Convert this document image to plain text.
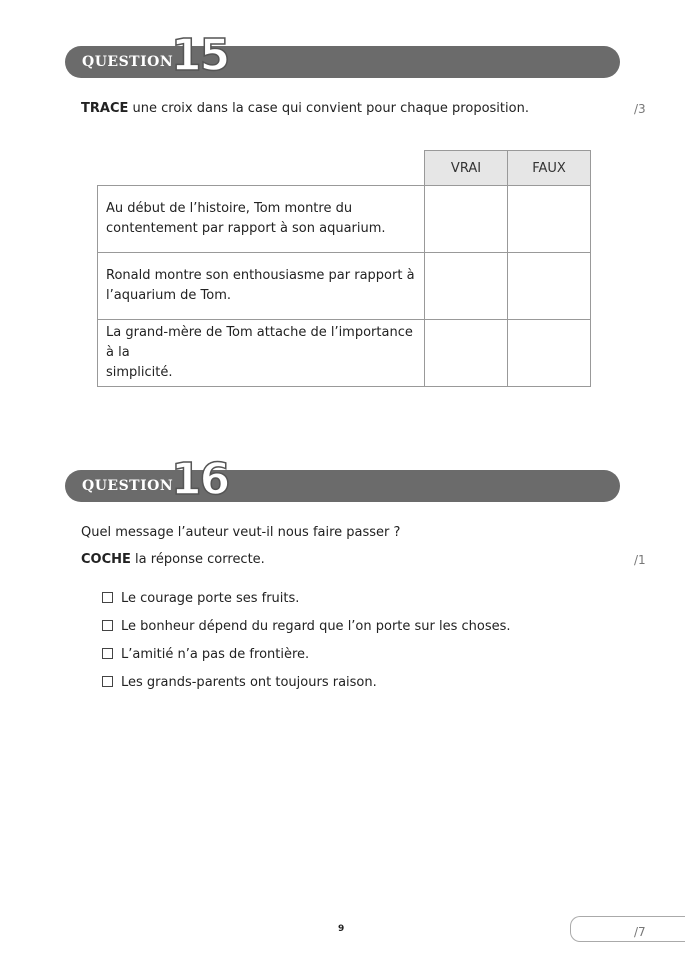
QUESTION
15
TRACE une croix dans la case qui convient pour chaque proposition.	/3
	VRAI	FAUX

Au début de l’histoire, Tom montre du
contentement par rapport à son aquarium.		

Ronald montre son enthousiasme par rapport à
l’aquarium de Tom.		

La grand-mère de Tom attache de l’importance à la
simplicité.		

QUESTION
16
Quel message l’auteur veut-il nous faire passer ?
COCHE la réponse correcte.	/1
Le courage porte ses fruits.
Le bonheur dépend du regard que l’on porte sur les choses.
L’amitié n’a pas de frontière.
Les grands-parents ont toujours raison.
9	/7
